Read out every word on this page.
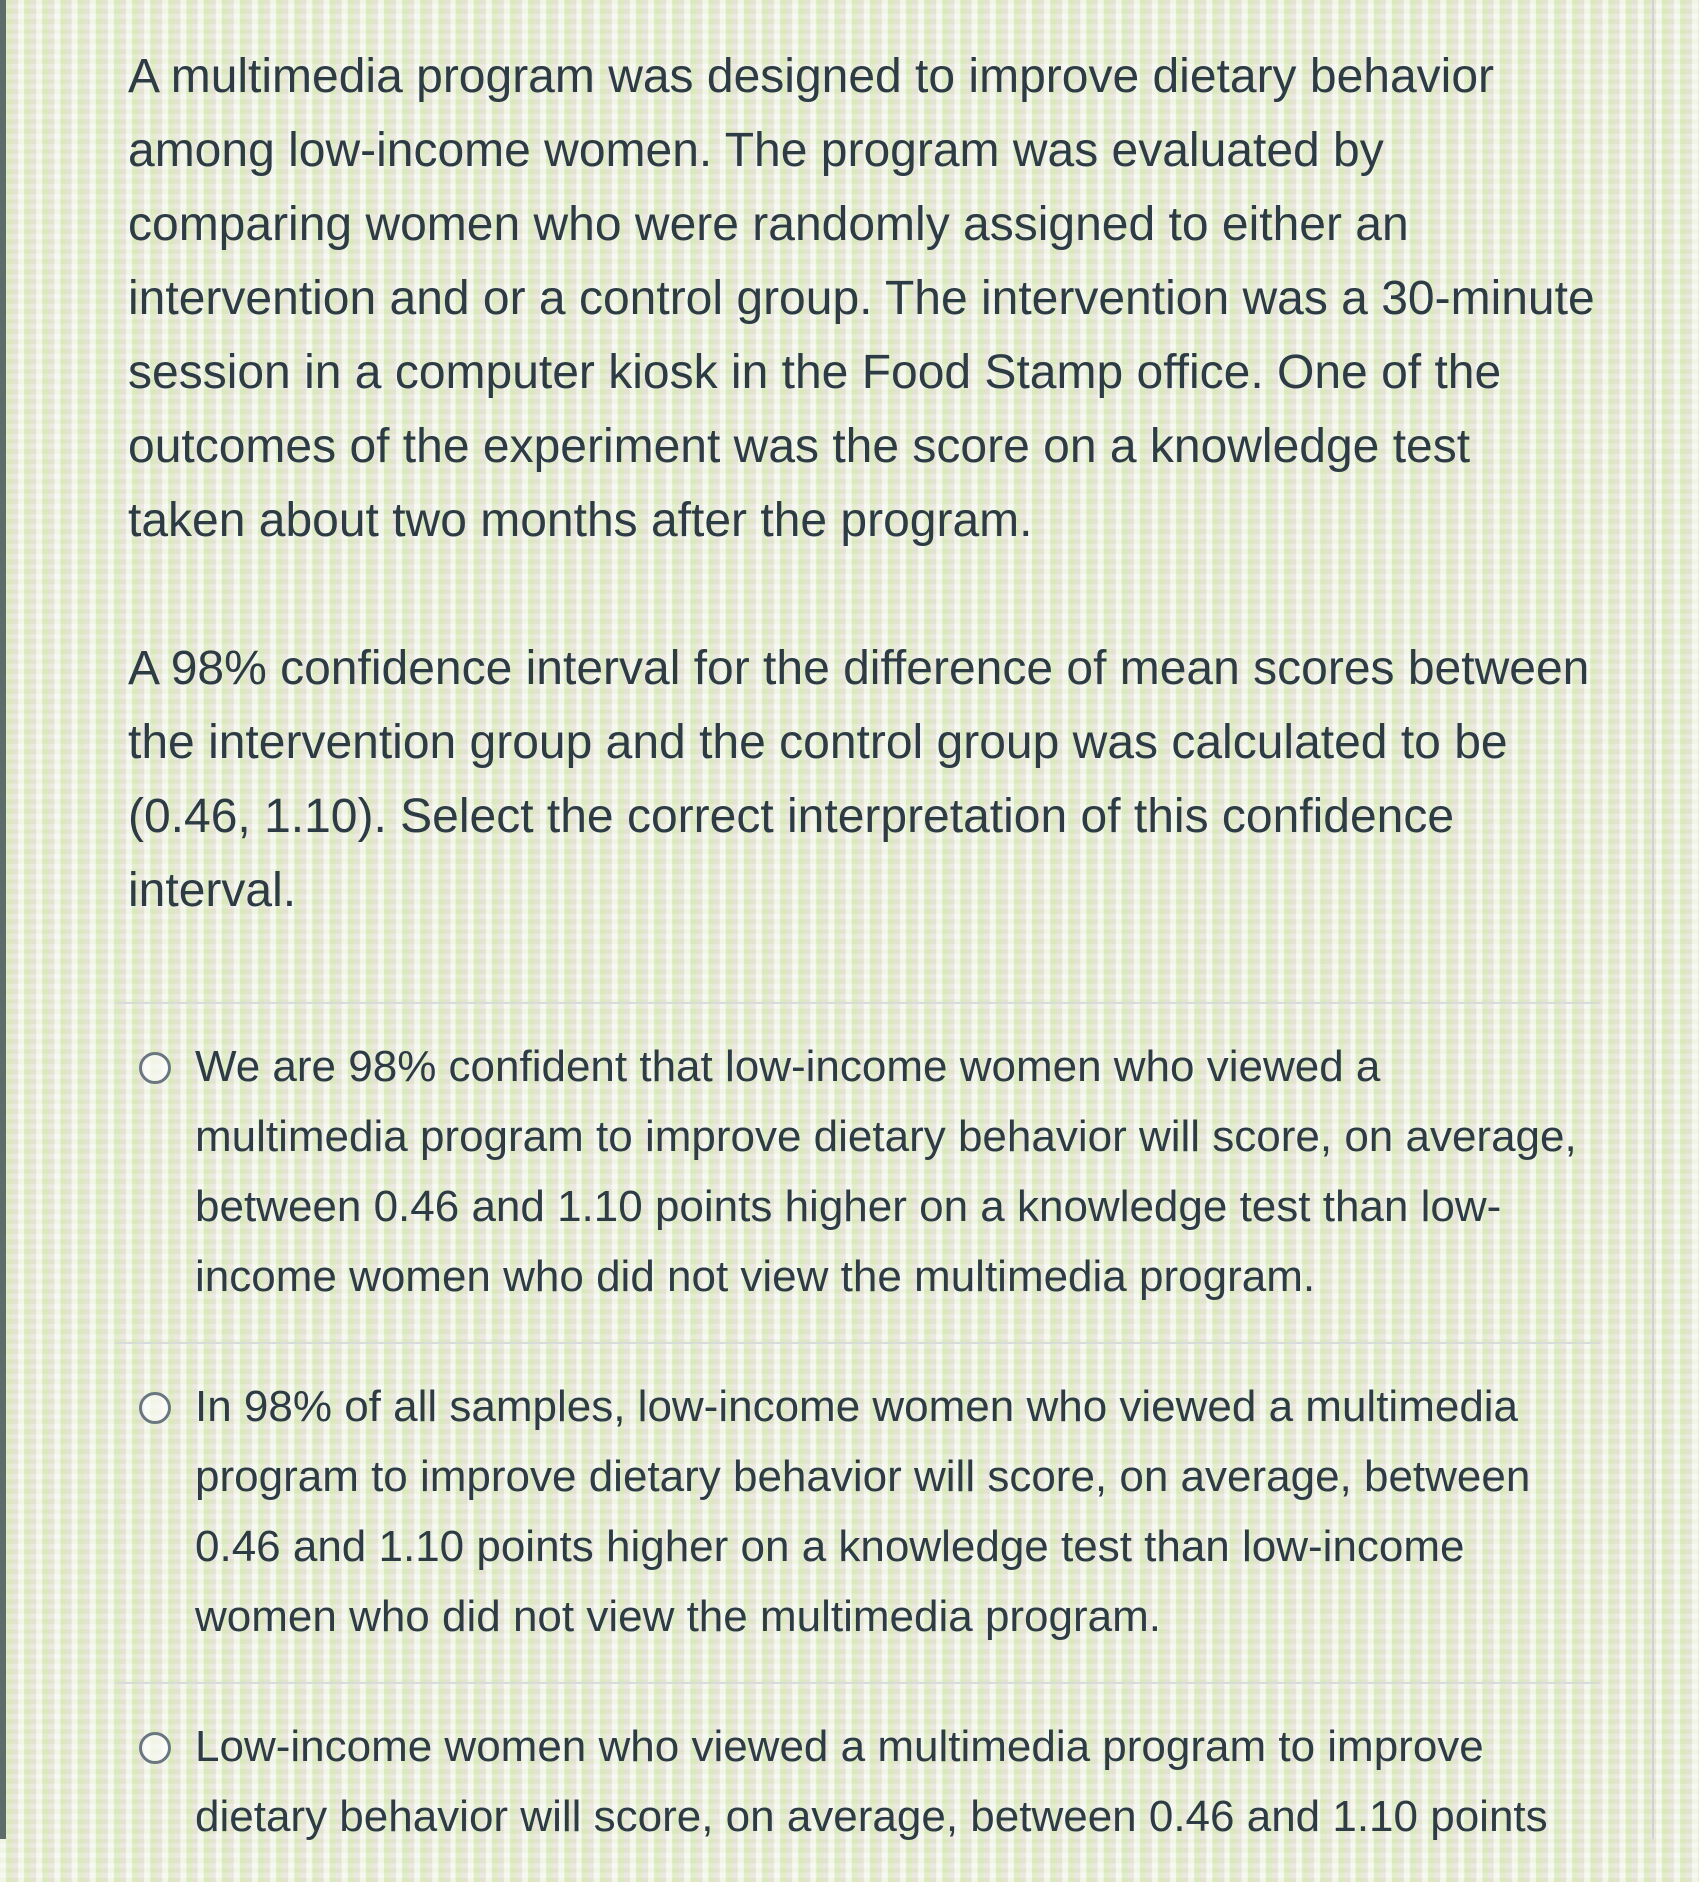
A multimedia program was designed to improve dietary behavior among low-income women. The program was evaluated by comparing women who were randomly assigned to either an intervention and or a control group. The intervention was a 30-minute session in a computer kiosk in the Food Stamp office. One of the outcomes of the experiment was the score on a knowledge test taken about two months after the program.

A 98% confidence interval for the difference of mean scores between the intervention group and the control group was calculated to be (0.46, 1.10). Select the correct interpretation of this confidence interval.

We are 98% confident that low-income women who viewed a multimedia program to improve dietary behavior will score, on average, between 0.46 and 1.10 points higher on a knowledge test than low-income women who did not view the multimedia program.
In 98% of all samples, low-income women who viewed a multimedia program to improve dietary behavior will score, on average, between 0.46 and 1.10 points higher on a knowledge test than low-income women who did not view the multimedia program.
Low-income women who viewed a multimedia program to improve dietary behavior will score, on average, between 0.46 and 1.10 points
